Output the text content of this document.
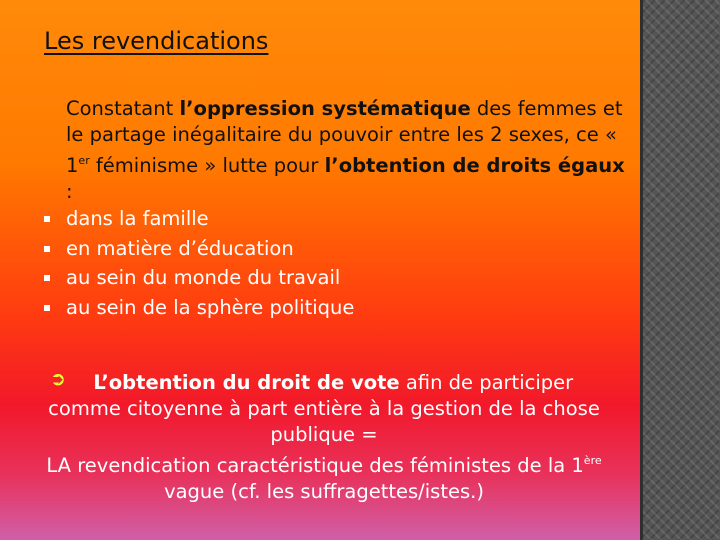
Les revendications
Constatant l’oppression systématique des femmes et le partage inégalitaire du pouvoir entre les 2 sexes, ce « 1er féminisme » lutte pour l’obtention de droits égaux :
dans la famille
en matière d’éducation
au sein du monde du travail
au sein de la sphère politique
➲	L’obtention du droit de vote afin de participer comme citoyenne à part entière à la gestion de la chose publique =
LA revendication caractéristique des féministes de la 1ère vague (cf. les suffragettes/istes.)
